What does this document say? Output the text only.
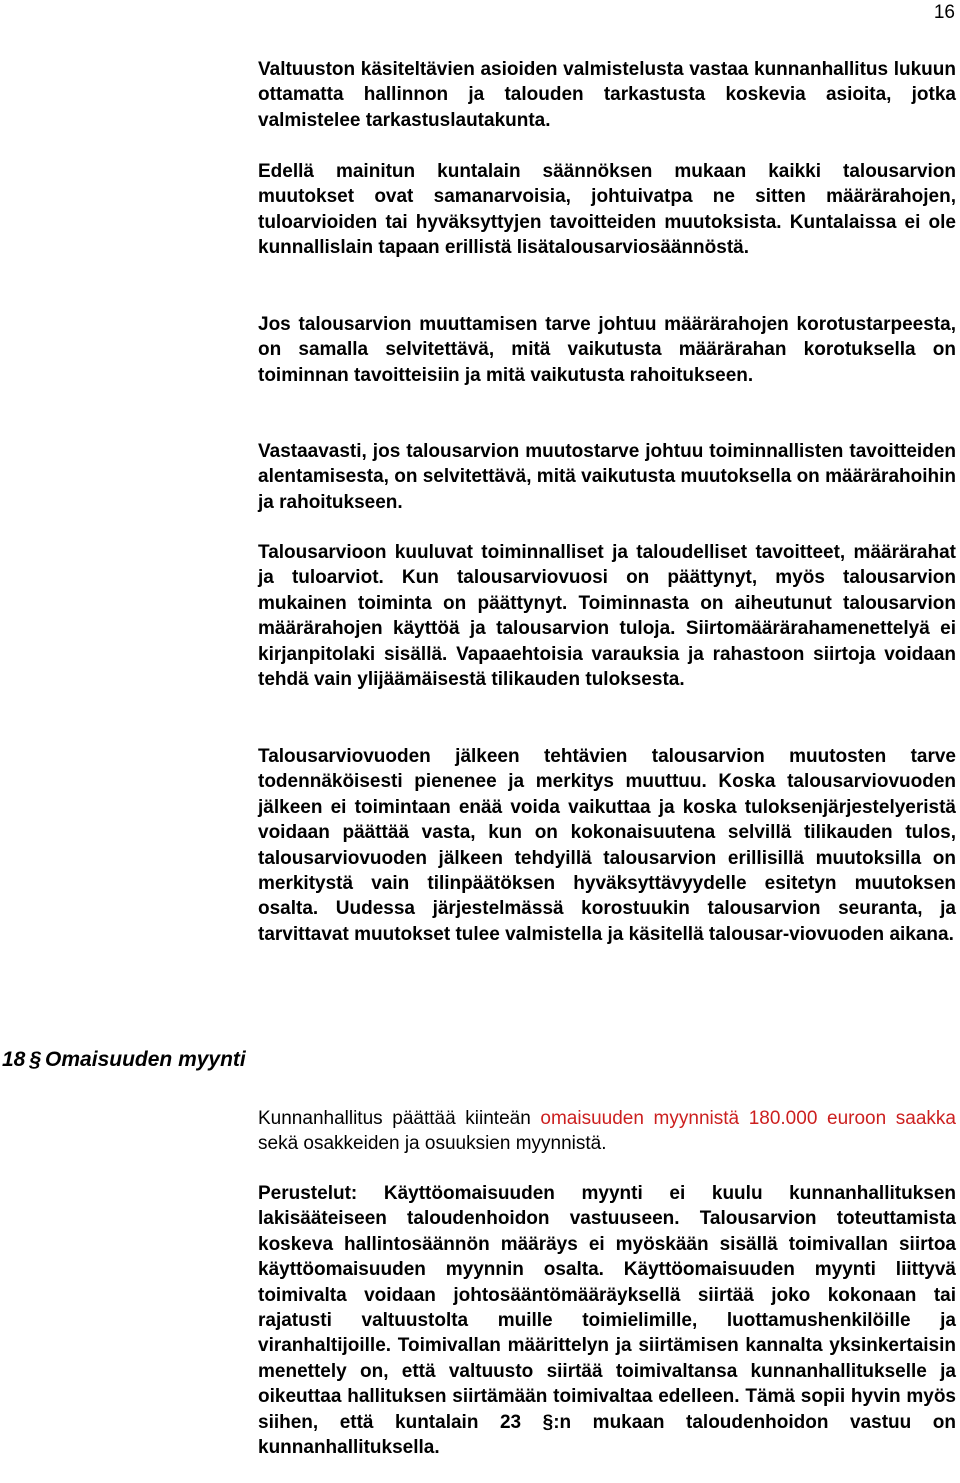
16

Valtuuston käsiteltävien asioiden valmistelusta vastaa kunnanhallitus lukuun ottamatta hallinnon ja talouden tarkastusta koskevia asioita, jotka valmistelee tarkastuslautakunta.

Edellä mainitun kuntalain säännöksen mukaan kaikki talousarvion muutokset ovat samanarvoisia, johtuivatpa ne sitten määrärahojen, tuloarvioiden tai hyväksyttyjen tavoitteiden muutoksista. Kuntalaissa ei ole kunnallislain tapaan erillistä lisätalousarviosäännöstä.

Jos talousarvion muuttamisen tarve johtuu määrärahojen korotustarpeesta, on samalla selvitettävä, mitä vaikutusta määrärahan korotuksella on toiminnan tavoitteisiin ja mitä vaikutusta rahoitukseen.

Vastaavasti, jos talousarvion muutostarve johtuu toiminnallisten tavoitteiden alentamisesta, on selvitettävä, mitä vaikutusta muutoksella on määrärahoihin ja rahoitukseen.

Talousarvioon kuuluvat toiminnalliset ja taloudelliset tavoitteet, määrärahat ja tuloarviot. Kun talousarviovuosi on päättynyt, myös talousarvion mukainen toiminta on päättynyt. Toiminnasta on aiheutunut talousarvion määrärahojen käyttöä ja talousarvion tuloja. Siirtomäärärahamenettelyä ei kirjanpitolaki sisällä. Vapaaehtoisia varauksia ja rahastoon siirtoja voidaan tehdä vain ylijäämäisestä tilikauden tuloksesta.

Talousarviovuoden jälkeen tehtävien talousarvion muutosten tarve todennäköisesti pienenee ja merkitys muuttuu. Koska talousarviovuoden jälkeen ei toimintaan enää voida vaikuttaa ja koska tuloksenjärjestelyeristä voidaan päättää vasta, kun on kokonaisuutena selvillä tilikauden tulos, talousarviovuoden jälkeen tehdyillä talousarvion erillisillä muutoksilla on merkitystä vain tilinpäätöksen hyväksyttävyydelle esitetyn muutoksen osalta. Uudessa järjestelmässä korostuukin talousarvion seuranta, ja tarvittavat muutokset tulee valmistella ja käsitellä talousar-viovuoden aikana.

18 § Omaisuuden myynti

Kunnanhallitus päättää kiinteän omaisuuden myynnistä 180.000 euroon saakka sekä osakkeiden ja osuuksien myynnistä.

Perustelut: Käyttöomaisuuden myynti ei kuulu kunnanhallituksen lakisääteiseen taloudenhoidon vastuuseen. Talousarvion toteuttamista koskeva hallintosäännön määräys ei myöskään sisällä toimivallan siirtoa käyttöomaisuuden myynnin osalta. Käyttöomaisuuden myynti liittyvä toimivalta voidaan johtosääntömääräyksellä siirtää joko kokonaan tai rajatusti valtuustolta muille toimielimille, luottamushenkilöille ja viranhaltijoille. Toimivallan määrittelyn ja siirtämisen kannalta yksinkertaisin menettely on, että valtuusto siirtää toimivaltansa kunnanhallitukselle ja oikeuttaa hallituksen siirtämään toimivaltaa edelleen. Tämä sopii hyvin myös siihen, että kuntalain 23 §:n mukaan taloudenhoidon vastuu on kunnanhallituksella.
